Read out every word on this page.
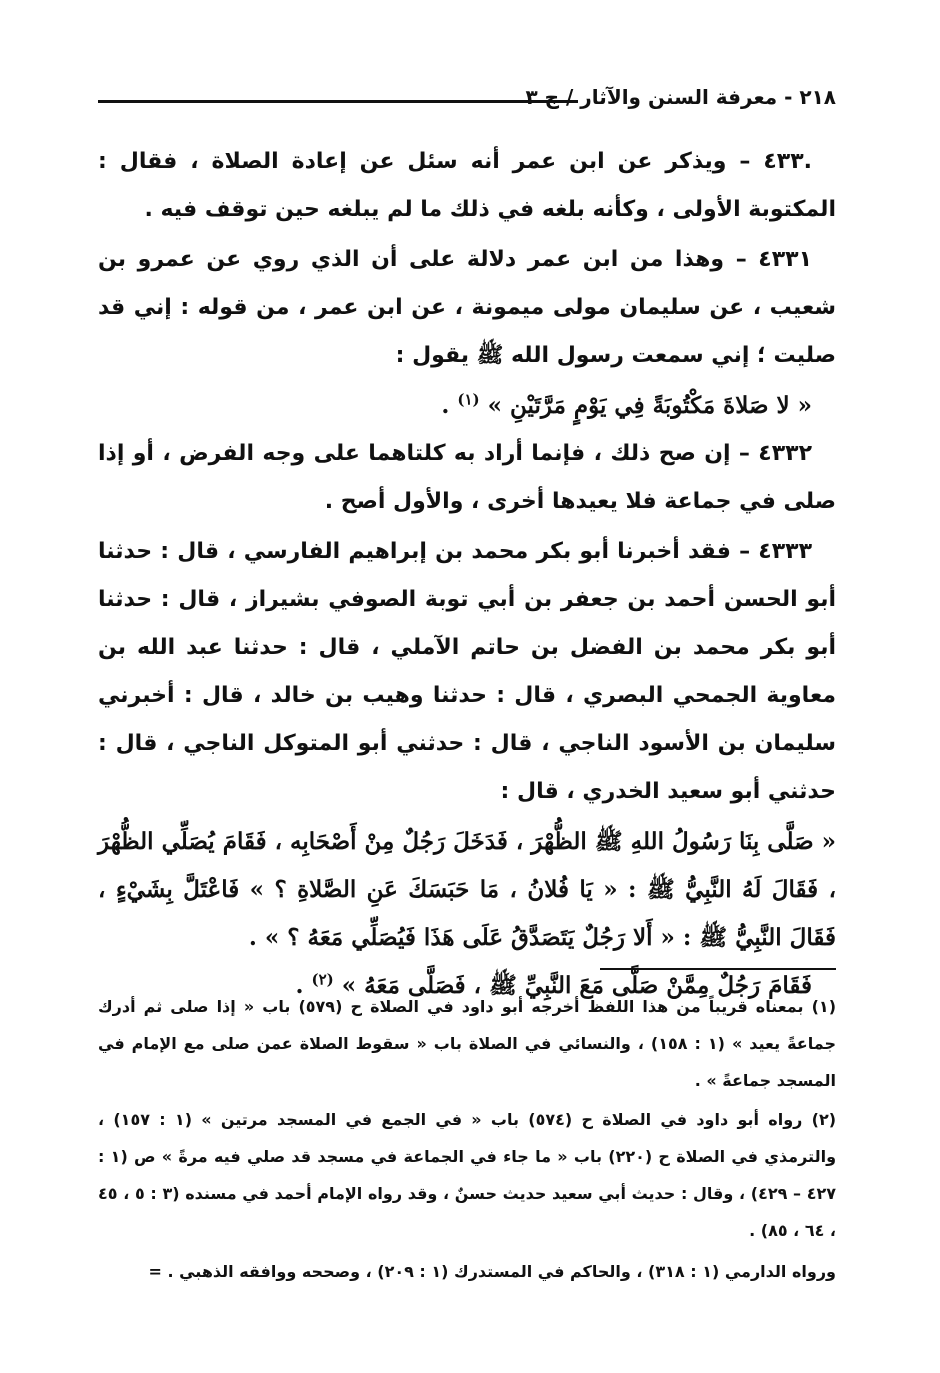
٢١٨ - معرفة السنن والآثار / ج ٣

.٤٣٣ – ويذكر عن ابن عمر أنه سئل عن إعادة الصلاة ، فقال : المكتوبة الأولى ، وكأنه بلغه في ذلك ما لم يبلغه حين توقف فيه .

٤٣٣١ – وهذا من ابن عمر دلالة على أن الذي روي عن عمرو بن شعيب ، عن سليمان مولى ميمونة ، عن ابن عمر ، من قوله : إني قد صليت ؛ إني سمعت رسول الله ﷺ يقول :

« لا صَلاةَ مَكْتُوبَةً فِي يَوْمٍ مَرَّتَيْنِ » $^{(١)}$ .

٤٣٣٢ – إن صح ذلك ، فإنما أراد به كلتاهما على وجه الفرض ، أو إذا صلى في جماعة فلا يعيدها أخرى ، والأول أصح .

٤٣٣٣ – فقد أخبرنا أبو بكر محمد بن إبراهيم الفارسي ، قال : حدثنا أبو الحسن أحمد بن جعفر بن أبي توبة الصوفي بشيراز ، قال : حدثنا أبو بكر محمد بن الفضل بن حاتم الآملي ، قال : حدثنا عبد الله بن معاوية الجمحي البصري ، قال : حدثنا وهيب بن خالد ، قال : أخبرني سليمان بن الأسود الناجي ، قال : حدثني أبو المتوكل الناجي ، قال : حدثني أبو سعيد الخدري ، قال :

« صَلَّى بِنَا رَسُولُ اللهِ ﷺ الظُّهْرَ ، فَدَخَلَ رَجُلٌ مِنْ أَصْحَابِه ، فَقَامَ يُصَلِّي الظُّهْرَ ، فَقَالَ لَهُ النَّبِيُّ ﷺ : « يَا فُلانُ ، مَا حَبَسَكَ عَنِ الصَّلاةِ ؟ » فَاعْتَلَّ بِشَيْءٍ ، فَقَالَ النَّبِيُّ ﷺ : « أَلا رَجُلٌ يَتَصَدَّقُ عَلَى هَذَا فَيُصَلِّي مَعَهُ ؟ » .

فَقَامَ رَجُلٌ مِمَّنْ صَلَّى مَعَ النَّبِيِّ ﷺ ، فَصَلَّى مَعَهُ » $^{(٢)}$ .

(١) بمعناه قريباً من هذا اللفظ أخرجه أبو داود في الصلاة ح (٥٧٩) باب « إذا صلى ثم أدرك جماعةً يعيد » (١ : ١٥٨) ، والنسائي في الصلاة باب « سقوط الصلاة عمن صلى مع الإمام في المسجد جماعةً » .

(٢) رواه أبو داود في الصلاة ح (٥٧٤) باب « في الجمع في المسجد مرتين » (١ : ١٥٧) ، والترمذي في الصلاة ح (٢٢٠) باب « ما جاء في الجماعة في مسجد قد صلي فيه مرةً » ص (١ : ٤٢٧ – ٤٢٩) ، وقال : حديث أبي سعيد حديث حسنٌ ، وقد رواه الإمام أحمد في مسنده (٣ : ٥ ، ٤٥ ، ٦٤ ، ٨٥) .

ورواه الدارمي (١ : ٣١٨) ، والحاكم في المستدرك (١ : ٢٠٩) ، وصححه ووافقه الذهبي . =
